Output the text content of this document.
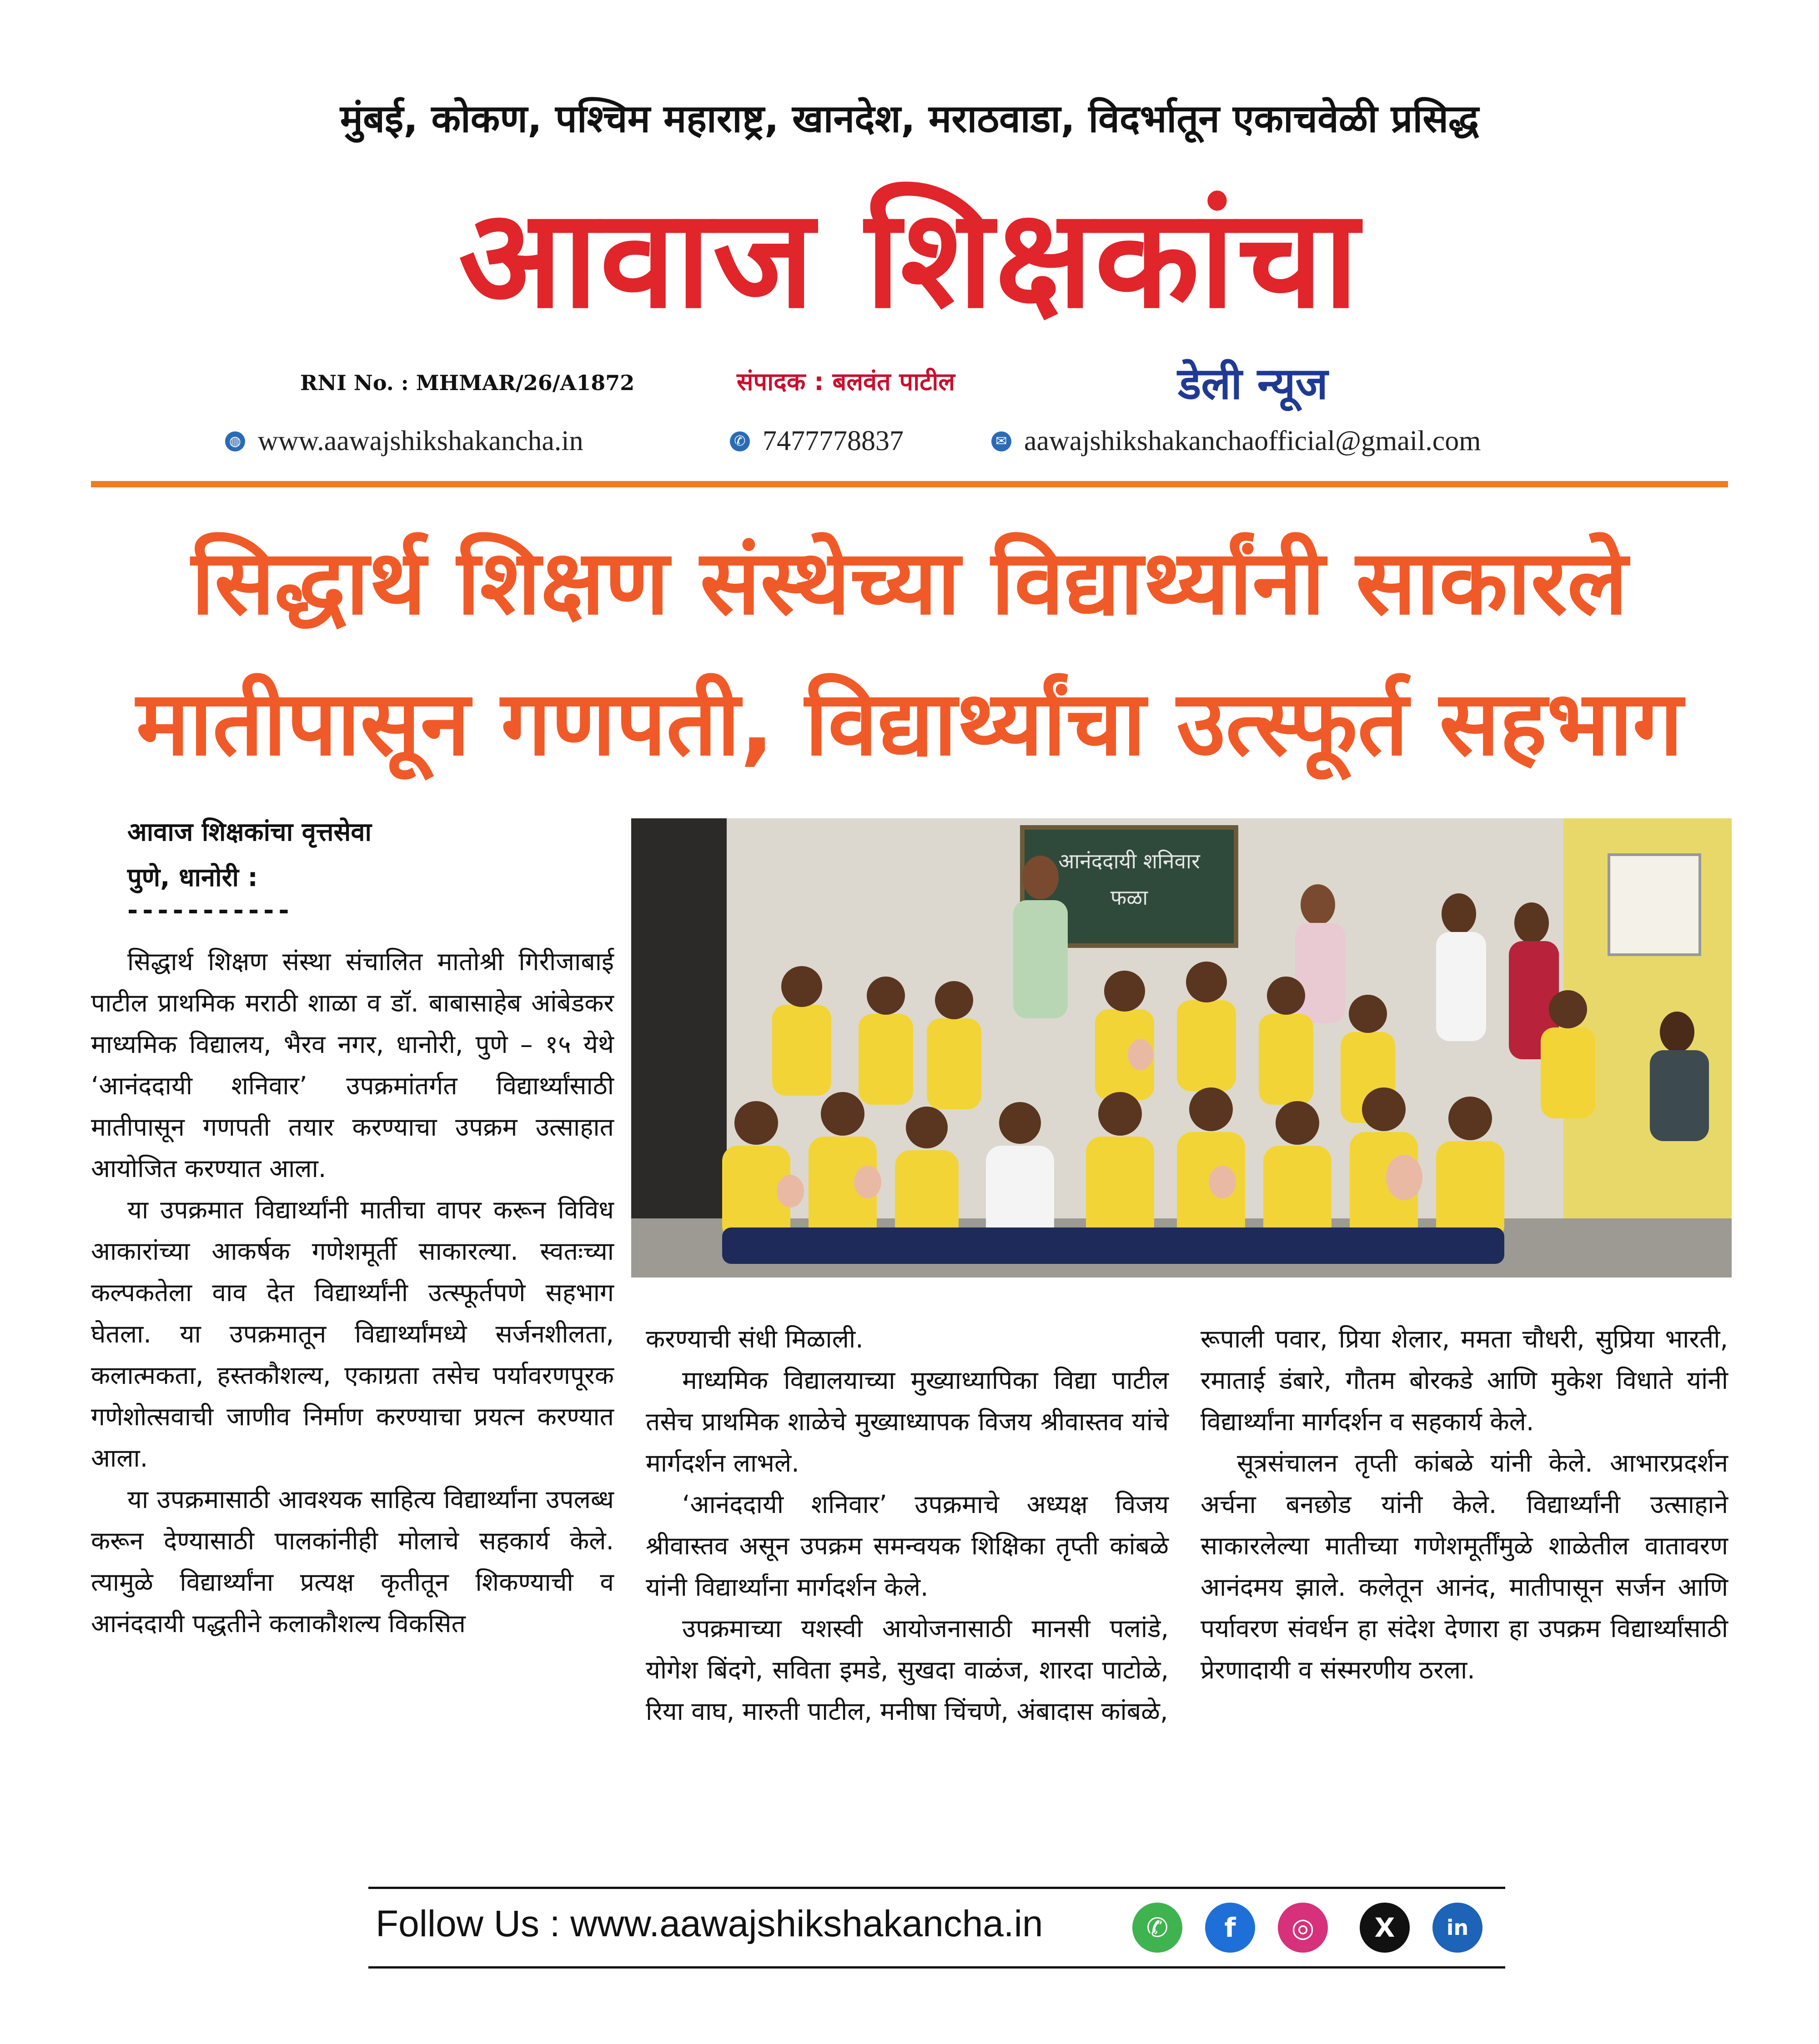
मुंबई, कोकण, पश्चिम महाराष्ट्र, खानदेश, मराठवाडा, विदर्भातून एकाचवेळी प्रसिद्ध
आवाज शिक्षकांचा
RNI No. : MHMAR/26/A1872	संपादक : बलवंत पाटील	डेली न्यूज
◍ www.aawajshikshakancha.in	✆ 7477778837	✉ aawajshikshakanchaofficial@gmail.com
सिद्धार्थ शिक्षण संस्थेच्या विद्यार्थ्यांनी साकारले
मातीपासून गणपती, विद्यार्थ्यांचा उत्स्फूर्त सहभाग
आवाज शिक्षकांचा वृत्तसेवा
पुणे, धानोरी :
-----------

सिद्धार्थ शिक्षण संस्था संचालित मातोश्री गिरीजाबाई पाटील प्राथमिक मराठी शाळा व डॉ. बाबासाहेब आंबेडकर माध्यमिक विद्यालय, भैरव नगर, धानोरी, पुणे – १५ येथे ‘आनंददायी शनिवार’ उपक्रमांतर्गत विद्यार्थ्यांसाठी मातीपासून गणपती तयार करण्याचा उपक्रम उत्साहात आयोजित करण्यात आला.

या उपक्रमात विद्यार्थ्यांनी मातीचा वापर करून विविध आकारांच्या आकर्षक गणेशमूर्ती साकारल्या. स्वतःच्या कल्पकतेला वाव देत विद्यार्थ्यांनी उत्स्फूर्तपणे सहभाग घेतला. या उपक्रमातून विद्यार्थ्यांमध्ये सर्जनशीलता, कलात्मकता, हस्तकौशल्य, एकाग्रता तसेच पर्यावरणपूरक गणेशोत्सवाची जाणीव निर्माण करण्याचा प्रयत्न करण्यात आला.

या उपक्रमासाठी आवश्यक साहित्य विद्यार्थ्यांना उपलब्ध करून देण्यासाठी पालकांनीही मोलाचे सहकार्य केले. त्यामुळे विद्यार्थ्यांना प्रत्यक्ष कृतीतून शिकण्याची व आनंददायी पद्धतीने कलाकौशल्य विकसित

आनंददायी शनिवार
फळा

करण्याची संधी मिळाली.

माध्यमिक विद्यालयाच्या मुख्याध्यापिका विद्या पाटील तसेच प्राथमिक शाळेचे मुख्याध्यापक विजय श्रीवास्तव यांचे मार्गदर्शन लाभले.

‘आनंददायी शनिवार’ उपक्रमाचे अध्यक्ष विजय श्रीवास्तव असून उपक्रम समन्वयक शिक्षिका तृप्ती कांबळे यांनी विद्यार्थ्यांना मार्गदर्शन केले.

उपक्रमाच्या यशस्वी आयोजनासाठी मानसी पलांडे, योगेश बिंदगे, सविता इमडे, सुखदा वाळंज, शारदा पाटोळे, रिया वाघ, मारुती पाटील, मनीषा चिंचणे, अंबादास कांबळे,

रूपाली पवार, प्रिया शेलार, ममता चौधरी, सुप्रिया भारती, रमाताई डंबारे, गौतम बोरकडे आणि मुकेश विधाते यांनी विद्यार्थ्यांना मार्गदर्शन व सहकार्य केले.

सूत्रसंचालन तृप्ती कांबळे यांनी केले. आभारप्रदर्शन अर्चना बनछोड यांनी केले. विद्यार्थ्यांनी उत्साहाने साकारलेल्या मातीच्या गणेशमूर्तींमुळे शाळेतील वातावरण आनंदमय झाले. कलेतून आनंद, मातीपासून सर्जन आणि पर्यावरण संवर्धन हा संदेश देणारा हा उपक्रम विद्यार्थ्यांसाठी प्रेरणादायी व संस्मरणीय ठरला.

Follow Us : www.aawajshikshakancha.in	✆	f	◎	X	in
